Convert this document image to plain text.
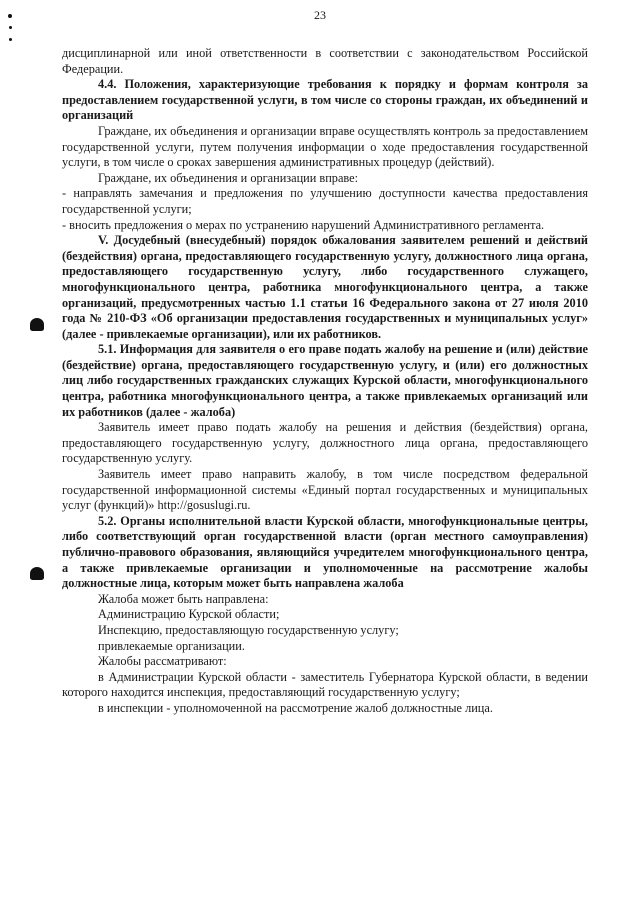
23

дисциплинарной или иной ответственности в соответствии с законодательством Российской Федерации.

4.4. Положения, характеризующие требования к порядку и формам контроля за предоставлением государственной услуги, в том числе со стороны граждан, их объединений и организаций

Граждане, их объединения и организации вправе осуществлять контроль за предоставлением государственной услуги, путем получения информации о ходе предоставления государственной услуги, в том числе о сроках завершения административных процедур (действий).

Граждане, их объединения и организации вправе:

- направлять замечания и предложения по улучшению доступности качества предоставления государственной услуги;

- вносить предложения о мерах по устранению нарушений Административного регламента.

V. Досудебный (внесудебный) порядок обжалования заявителем решений и действий (бездействия) органа, предоставляющего государственную услугу, должностного лица органа, предоставляющего государственную услугу, либо государственного служащего, многофункционального центра, работника многофункционального центра, а также организаций, предусмотренных частью 1.1 статьи 16 Федерального закона от 27 июля 2010 года № 210-ФЗ «Об организации предоставления государственных и муниципальных услуг» (далее - привлекаемые организации), или их работников.

5.1. Информация для заявителя о его праве подать жалобу на решение и (или) действие (бездействие) органа, предоставляющего государственную услугу, и (или) его должностных лиц либо государственных гражданских служащих Курской области, многофункционального центра, работника многофункционального центра, а также привлекаемых организаций или их работников (далее - жалоба)

Заявитель имеет право подать жалобу на решения и действия (бездействия) органа, предоставляющего государственную услугу, должностного лица органа, предоставляющего государственную услугу.

Заявитель имеет право направить жалобу, в том числе посредством федеральной государственной информационной системы «Единый портал государственных и муниципальных услуг (функций)» http://gosuslugi.ru.

5.2. Органы исполнительной власти Курской области, многофункциональные центры, либо соответствующий орган государственной власти (орган местного самоуправления) публично-правового образования, являющийся учредителем многофункционального центра, а также привлекаемые организации и уполномоченные на рассмотрение жалобы должностные лица, которым может быть направлена жалоба

Жалоба может быть направлена:

Администрацию Курской области;

Инспекцию, предоставляющую государственную услугу;

привлекаемые организации.

Жалобы рассматривают:

в Администрации Курской области - заместитель Губернатора Курской области, в ведении которого находится инспекция, предоставляющий государственную услугу;

в инспекции - уполномоченной на рассмотрение жалоб должностные лица.
